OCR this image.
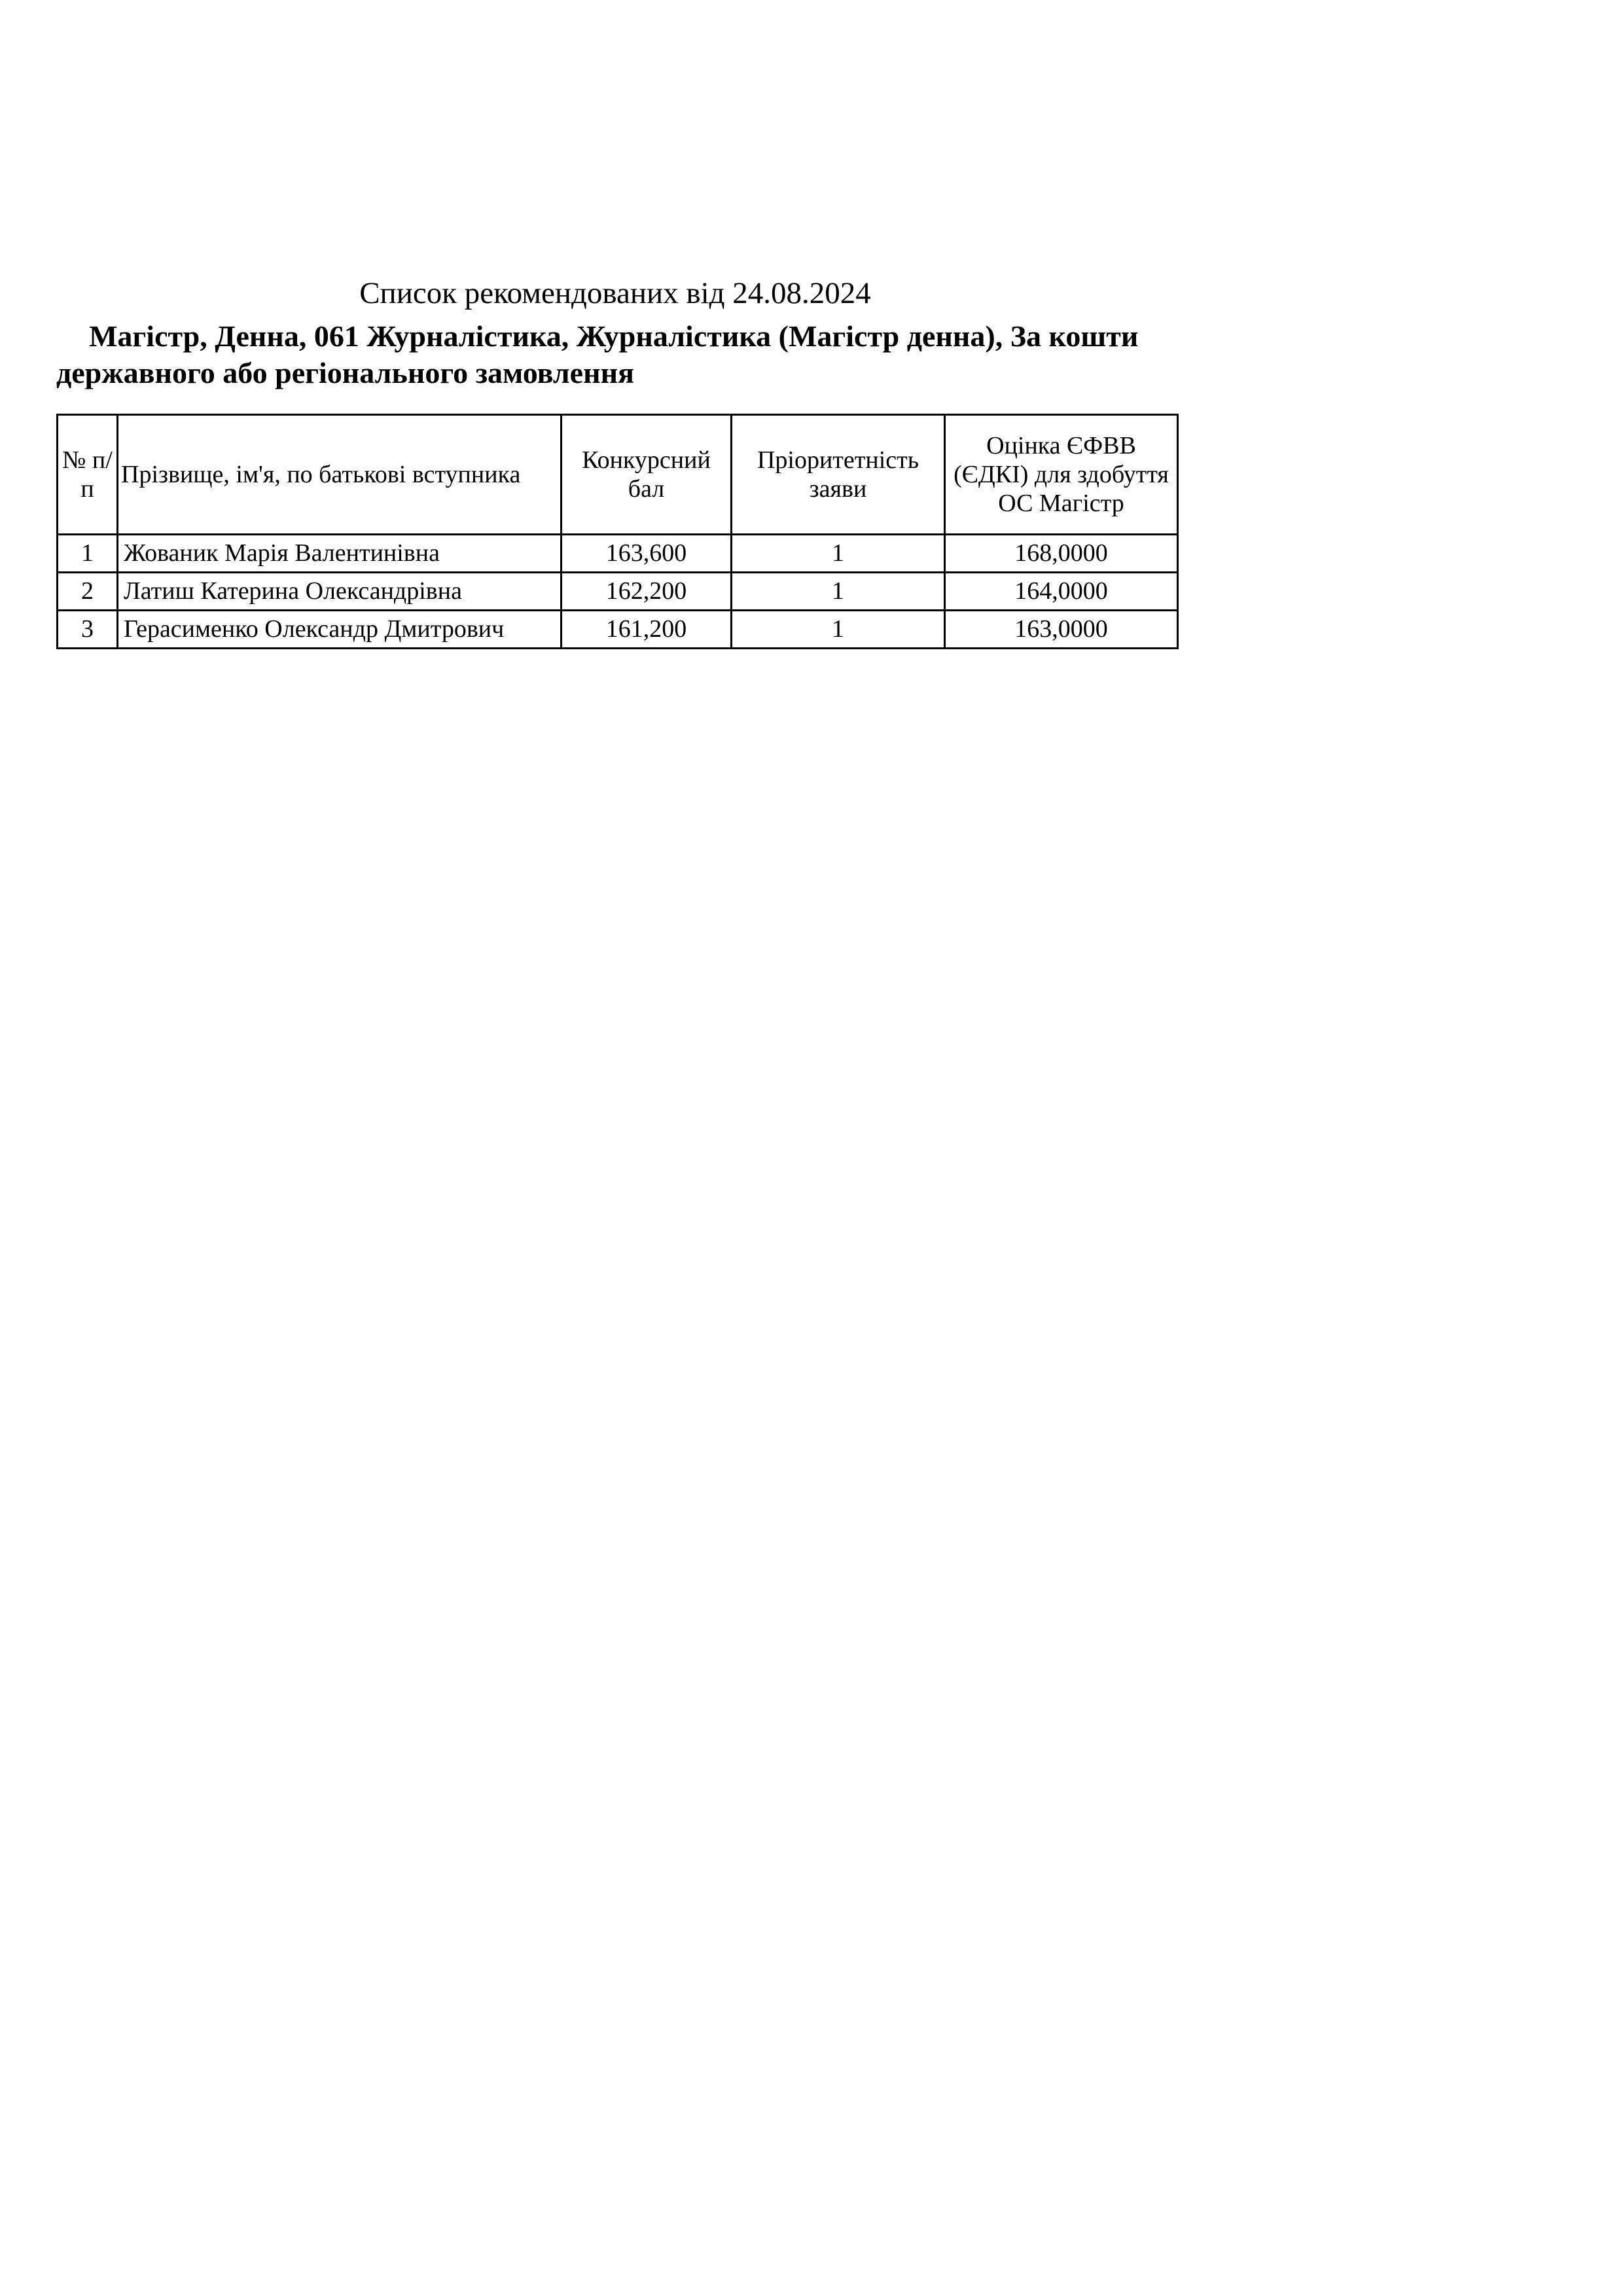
Список рекомендованих від 24.08.2024
Магістр, Денна, 061 Журналістика, Журналістика (Магістр денна), За кошти державного або регіонального замовлення
№ п/п	Прізвище, ім'я, по батькові вступника	Конкурсний бал	Пріоритетність заяви	Оцінка ЄФВВ (ЄДКІ) для здобуття ОС Магістр
1	Жованик Марія Валентинівна	163,600	1	168,0000
2	Латиш Катерина Олександрівна	162,200	1	164,0000
3	Герасименко Олександр Дмитрович	161,200	1	163,0000
